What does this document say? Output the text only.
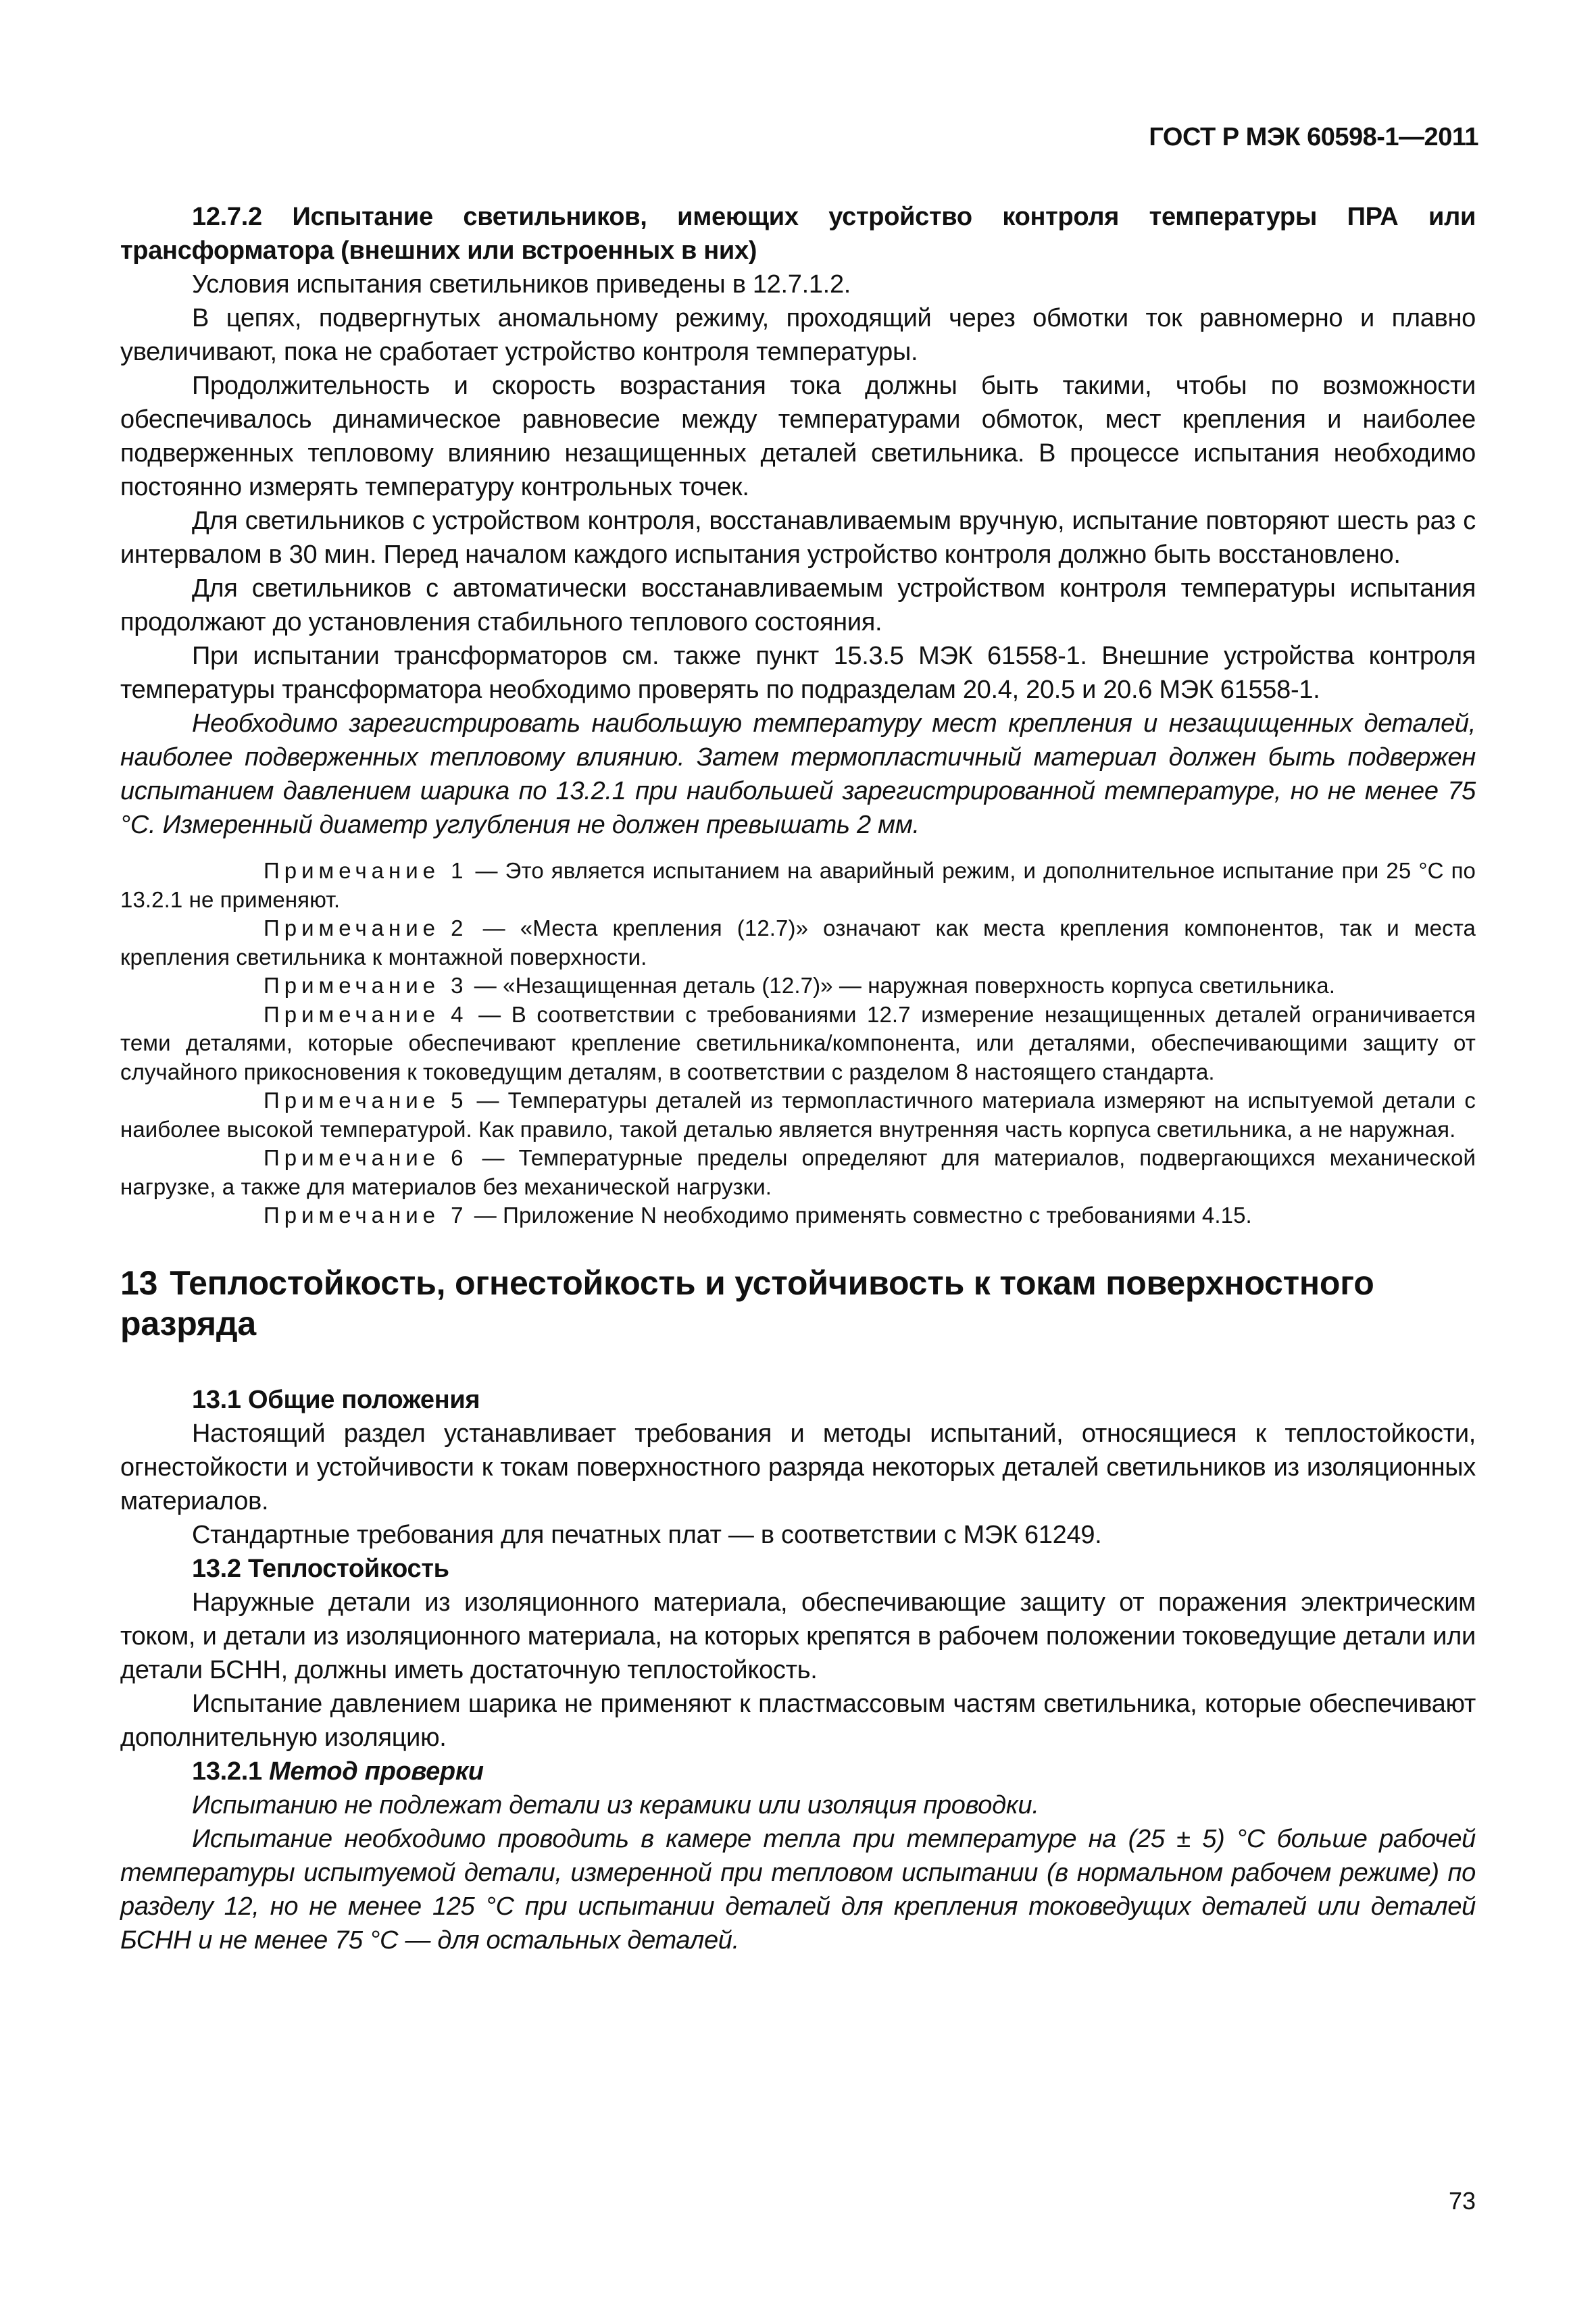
ГОСТ Р МЭК 60598-1—2011

12.7.2 Испытание светильников, имеющих устройство контроля температуры ПРА или трансформатора (внешних или встроенных в них)

Условия испытания светильников приведены в 12.7.1.2.

В цепях, подвергнутых аномальному режиму, проходящий через обмотки ток равномерно и плавно увеличивают, пока не сработает устройство контроля температуры.

Продолжительность и скорость возрастания тока должны быть такими, чтобы по возможности обеспечивалось динамическое равновесие между температурами обмоток, мест крепления и наиболее подверженных тепловому влиянию незащищенных деталей светильника. В процессе испытания необходимо постоянно измерять температуру контрольных точек.

Для светильников с устройством контроля, восстанавливаемым вручную, испытание повторяют шесть раз с интервалом в 30 мин. Перед началом каждого испытания устройство контроля должно быть восстановлено.

Для светильников с автоматически восстанавливаемым устройством контроля температуры испытания продолжают до установления стабильного теплового состояния.

При испытании трансформаторов см. также пункт 15.3.5 МЭК 61558-1. Внешние устройства контроля температуры трансформатора необходимо проверять по подразделам 20.4, 20.5 и 20.6 МЭК 61558-1.

Необходимо зарегистрировать наибольшую температуру мест крепления и незащищенных деталей, наиболее подверженных тепловому влиянию. Затем термопластичный материал должен быть подвержен испытанием давлением шарика по 13.2.1 при наибольшей зарегистрированной температуре, но не менее 75 °С. Измеренный диаметр углубления не должен превышать 2 мм.

Примечание 1 — Это является испытанием на аварийный режим, и дополнительное испытание при 25 °С по 13.2.1 не применяют.

Примечание 2 — «Места крепления (12.7)» означают как места крепления компонентов, так и места крепления светильника к монтажной поверхности.

Примечание 3 — «Незащищенная деталь (12.7)» — наружная поверхность корпуса светильника.

Примечание 4 — В соответствии с требованиями 12.7 измерение незащищенных деталей ограничивается теми деталями, которые обеспечивают крепление светильника/компонента, или деталями, обеспечивающими защиту от случайного прикосновения к токоведущим деталям, в соответствии с разделом 8 настоящего стандарта.

Примечание 5 — Температуры деталей из термопластичного материала измеряют на испытуемой детали с наиболее высокой температурой. Как правило, такой деталью является внутренняя часть корпуса светильника, а не наружная.

Примечание 6 — Температурные пределы определяют для материалов, подвергающихся механической нагрузке, а также для материалов без механической нагрузки.

Примечание 7 — Приложение N необходимо применять совместно с требованиями 4.15.

13 Теплостойкость, огнестойкость и устойчивость к токам поверхностного разряда

13.1 Общие положения

Настоящий раздел устанавливает требования и методы испытаний, относящиеся к теплостойкости, огнестойкости и устойчивости к токам поверхностного разряда некоторых деталей светильников из изоляционных материалов.

Стандартные требования для печатных плат — в соответствии с МЭК 61249.

13.2 Теплостойкость

Наружные детали из изоляционного материала, обеспечивающие защиту от поражения электрическим током, и детали из изоляционного материала, на которых крепятся в рабочем положении токоведущие детали или детали БСНН, должны иметь достаточную теплостойкость.

Испытание давлением шарика не применяют к пластмассовым частям светильника, которые обеспечивают дополнительную изоляцию.

13.2.1 Метод проверки

Испытанию не подлежат детали из керамики или изоляция проводки.

Испытание необходимо проводить в камере тепла при температуре на (25 ± 5) °С больше рабочей температуры испытуемой детали, измеренной при тепловом испытании (в нормальном рабочем режиме) по разделу 12, но не менее 125 °С при испытании деталей для крепления токоведущих деталей или деталей БСНН и не менее 75 °С — для остальных деталей.

73
